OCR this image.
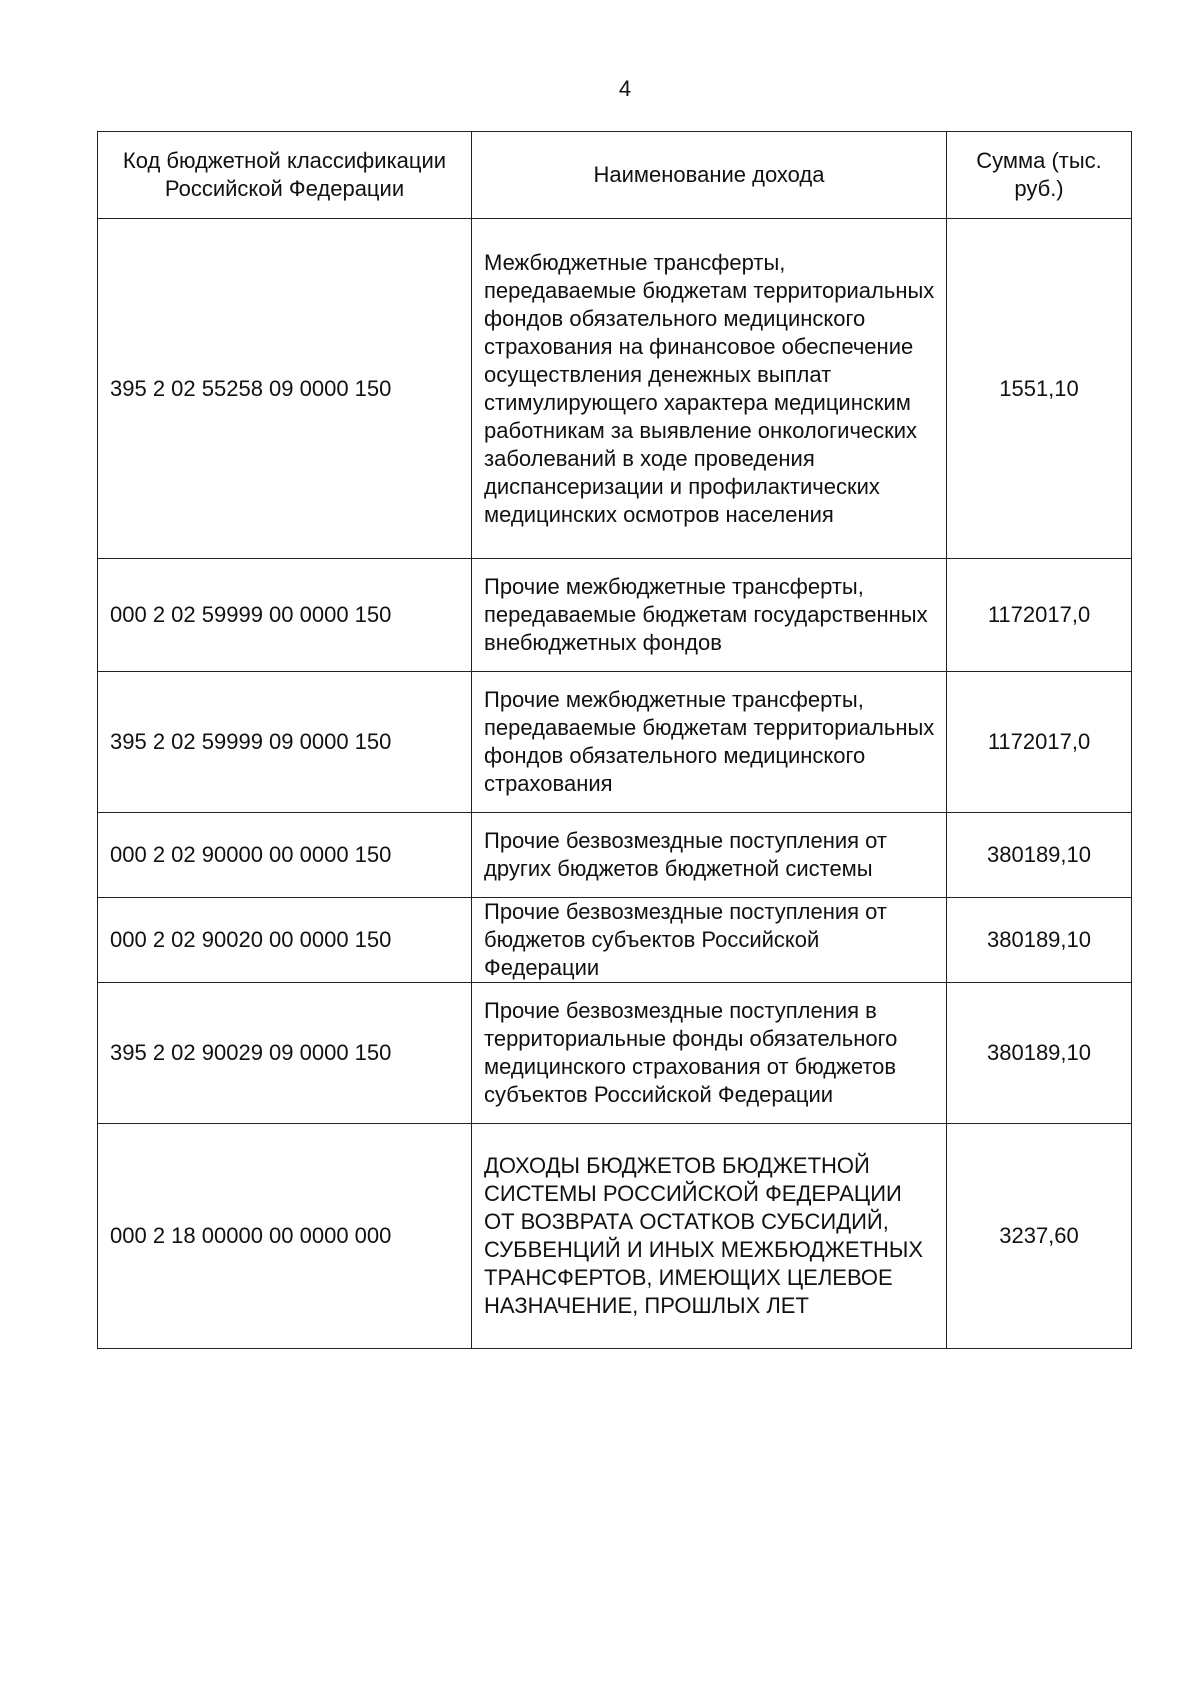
4
Код бюджетной классификации Российской Федерации	Наименование дохода	Сумма (тыс. руб.)
395 2 02 55258 09 0000 150	Межбюджетные трансферты, передаваемые бюджетам территориальных фондов обязательного медицинского страхования на финансовое обеспечение осуществления денежных выплат стимулирующего характера медицинским работникам за выявление онкологических заболеваний в ходе проведения диспансеризации и профилактических медицинских осмотров населения	1551,10
000 2 02 59999 00 0000 150	Прочие межбюджетные трансферты, передаваемые бюджетам государственных внебюджетных фондов	1172017,0
395 2 02 59999 09 0000 150	Прочие межбюджетные трансферты, передаваемые бюджетам территориальных фондов обязательного медицинского страхования	1172017,0
000 2 02 90000 00 0000 150	Прочие безвозмездные поступления от других бюджетов бюджетной системы	380189,10
000 2 02 90020 00 0000 150	Прочие безвозмездные поступления от бюджетов субъектов Российской Федерации	380189,10
395 2 02 90029 09 0000 150	Прочие безвозмездные поступления в территориальные фонды обязательного медицинского страхования от бюджетов субъектов Российской Федерации	380189,10
000 2 18 00000 00 0000 000	ДОХОДЫ БЮДЖЕТОВ БЮДЖЕТНОЙ СИСТЕМЫ РОССИЙСКОЙ ФЕДЕРАЦИИ ОТ ВОЗВРАТА ОСТАТКОВ СУБСИДИЙ, СУБВЕНЦИЙ И ИНЫХ МЕЖБЮДЖЕТНЫХ ТРАНСФЕРТОВ, ИМЕЮЩИХ ЦЕЛЕВОЕ НАЗНАЧЕНИЕ, ПРОШЛЫХ ЛЕТ	3237,60
